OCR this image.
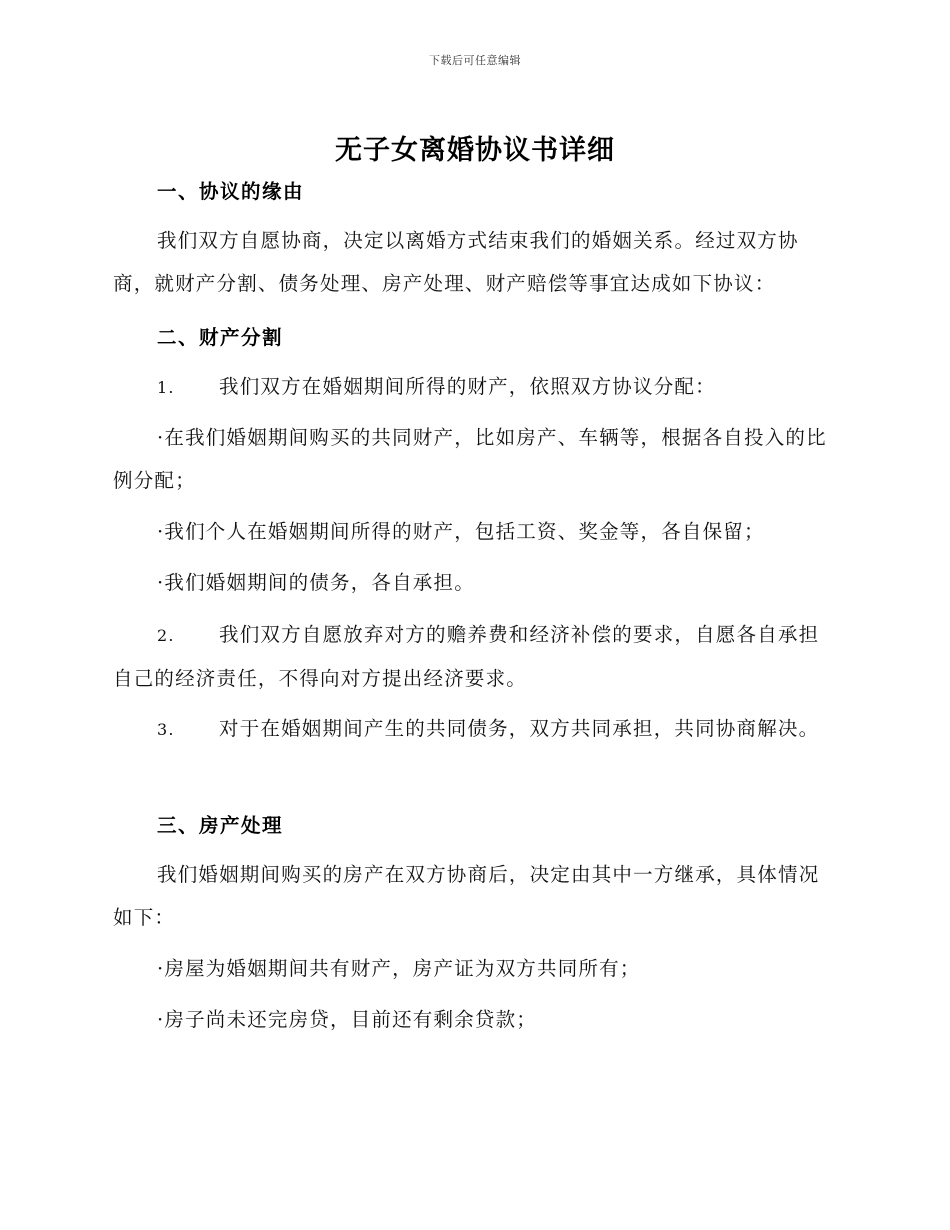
下载后可任意编辑
无子女离婚协议书详细
一、协议的缘由

我们双方自愿协商，决定以离婚方式结束我们的婚姻关系。经过双方协商，就财产分割、债务处理、房产处理、财产赔偿等事宜达成如下协议：

二、财产分割

1. 我们双方在婚姻期间所得的财产，依照双方协议分配：

·在我们婚姻期间购买的共同财产，比如房产、车辆等，根据各自投入的比例分配；

·我们个人在婚姻期间所得的财产，包括工资、奖金等，各自保留；

·我们婚姻期间的债务，各自承担。

2. 我们双方自愿放弃对方的赡养费和经济补偿的要求，自愿各自承担自己的经济责任，不得向对方提出经济要求。

3. 对于在婚姻期间产生的共同债务，双方共同承担，共同协商解决。

三、房产处理

我们婚姻期间购买的房产在双方协商后，决定由其中一方继承，具体情况如下：

·房屋为婚姻期间共有财产，房产证为双方共同所有；

·房子尚未还完房贷，目前还有剩余贷款；
